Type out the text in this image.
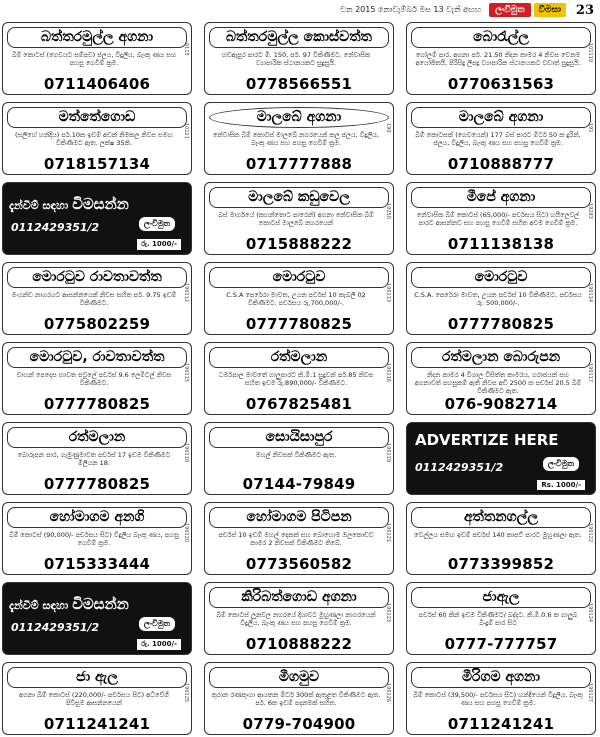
වන 2015 නොවැම්බර් මස 13 වැනි අඟහ	ලංවිමුත	වීමසා	23
බත්තරමුල්ල අගනා
බිම් කොටස් (ගෙවයට සම්පව) ජලය, විදුලිය, බැංකු ණය සහ පහසු ගෙවීම් ක්‍රම.
0711406406
0115
බත්තරමුල්ල කොස්වත්ත
හඩඇපුර පාරට මී. 150, පර්. 97 විකිණීමට. නේවාසික ව්‍යාපාරික ස්ථානයකට සුදුසුයි.
0778566551
බොරැල්ල
ගෝලම් පාර, අගනා පර්. 21.50 නිදන කාමර 4 නිවස වෙනම අයෝජිතයි, පිරිසිදු ලිපදු ව්‍යාපාරික ස්ථානයකට වඩාත් සුදුසුයි.
0770631563
101119
මත්තේගොඩ
(සලිහේ හන්දිය) පර්.10ක ඉඩම් අඩක් නිමකල නිවස සමඟ විකිණීමට ඇත. ලක්ෂ 35කි.
0718157134
10121
මාලබේ අගනා
නේවාසික බිම් කොටස් මාලබේ නගරයෙන් කල ජලය, විදුලිය, බැංකු ණය සහ පහසු ගෙවීම් ක්‍රම.
0717777888
190
මාලබේ අගනා
බිම් කොටසක් (ගෙවයෙන්) 177 බස් පාරට මීටර් 50 ක දුරින්, ජලය, විදුලිය, බැංකු ණය සහ පහසු ගෙවීම් ක්‍රම.
0710888777
191
දැන්වීම් සඳහා විමසන්න
0112429351/2	ලංවිමුත
රු. 1000/-
මාලබේ කඩුවෙල
බස් මාර්ගයේ (කහන්තොට පාරෙන්) අගනා නේවාසික බිම් කොටස් මාලබේ නගරයෙන්
0715888222
19250
මීපේ අගනා
නේවාසික බිම් කොටස් (65,000/- පර්චසය සිට) හයිලෙවල් පාරට ආසන්නව සහ පහසු ගෙවීම් සහිත අවම ගෙවීම් ක්‍රම.
0711138138
19283
මොරටුව රාවතාවත්ත
මංගන්ඩ නාගරයට ආසන්නයෙන් නිවස සහිත පර්. 9.75 ඉඩම් විකිණීමට.
0775802259
190112
මොරටුව
C.S.A පෙරේරා මාවත, උයන පර්චස් 10 කැබලි 02 විකිණීමට. පර්චසය රු.700,000/-.
0777780825
190113
මොරටුව
C.S.A. පෙරේරා මාවත, උයන පර්චස් 10 විකිණීමට. පර්චසය රු. 500,000/-.
0777780825
190114
මොරටුව, රාවතාවත්ත
වාහන් පෙදෙස භාවත පවුලේ පර්චස් 9.6 ලෙමිටල් නිවස විකිණීමට.
0777780825
190115
රත්මලාන
ධර්මපාල මාවතේ ගාලුපාරට කි.මී.1 සුදුවන් පර්.85 නිවස සහිත ඉඩම රු.890,000/- විකිණීමට.
0767825481
190116
රත්මලාන බොරුපන
නිදන කාමර 4 විශාල විසිත්ත කාමරය, ගරාජයක් සහ අගනාවත් පහසුකම් ඇති නිවස අඩි 2500 ක පර්චස් 20.5 බිම් විකිණීමට ඇත.
076-9082714
190117
රත්මලාන
බොරුපන පාර, ගැමුණුමාවත පර්චස් 17 ඉඩම විකිණීමට මිලියන 18.
0777780825
190118
සොයිසාපුර
මහල් නිවසක් විකිණීමට ඇත.
07144-79849
190119
ADVERTIZE HERE
0112429351/2	ලංවිමුත
Rs. 1000/-
හෝමාගම අනගි
බිම් කොටස් (90,000/- පර්චසය සිට) විදුලිය බැංකු ණය, පහසු ගෙවීම් ක්‍රම.
0715333444
190120
හෝමාගම පිටිපන
පර්චස් 10 ඉඩම් මහල් දෙකක් සහ බොහොම ඔලකොඩව කාමර 2 නිවසක් විකිණීමට තිබේ.
0773560582
190121
අත්තනගල්ල
වෙල්ලය සමඟ ඉඩම් පර්චස් 140 කාපට් පාරට මුහුණලා ඇත.
0773399852
190122
දැන්වීම් සඳහා විමසන්න
0112429351/2	ලංවිමුත
රු. 1000/-
කිරිබත්ගොඩ අගනා
බිම් කොටස් ලූනවල නගරයේ දිශාවට මුහුණලා නාගරයෙන් විදුලිය, බැංකු ණය සහ පහසු ගෙවීම් ක්‍රම.
0710888222
190123
ජාඇල
පර්චස් 60 කින් ඉඩම විකිණීමට/ බද්දට. කි.මී.0.6 ක ගාලුබ බිංදුම් පාර සිට
0777-777757
190124
ජා ඇල
අගනා බිම් කොටස් (220,000/- පර්චසය සිට) අධිවේගී පිවිසුම ආසන්නයෙන්
0711241241
190125
මීගමුව
කුරාන රණකුංගා ආයතන මීටර් 300ක් ඇතුළත විකිණීමට ඇත. පර්. 6ක ඉඩම් පදනමක් සහිත.
0779-704900
190126
මීරිගම අගනා
බිම් කොටස් (39,500/- පර්චසය සිට) හන්දියෙන් විදුලිය, බැංකු ණය සහ පහසු ගෙවීම් ක්‍රම.
0711241241
190127
